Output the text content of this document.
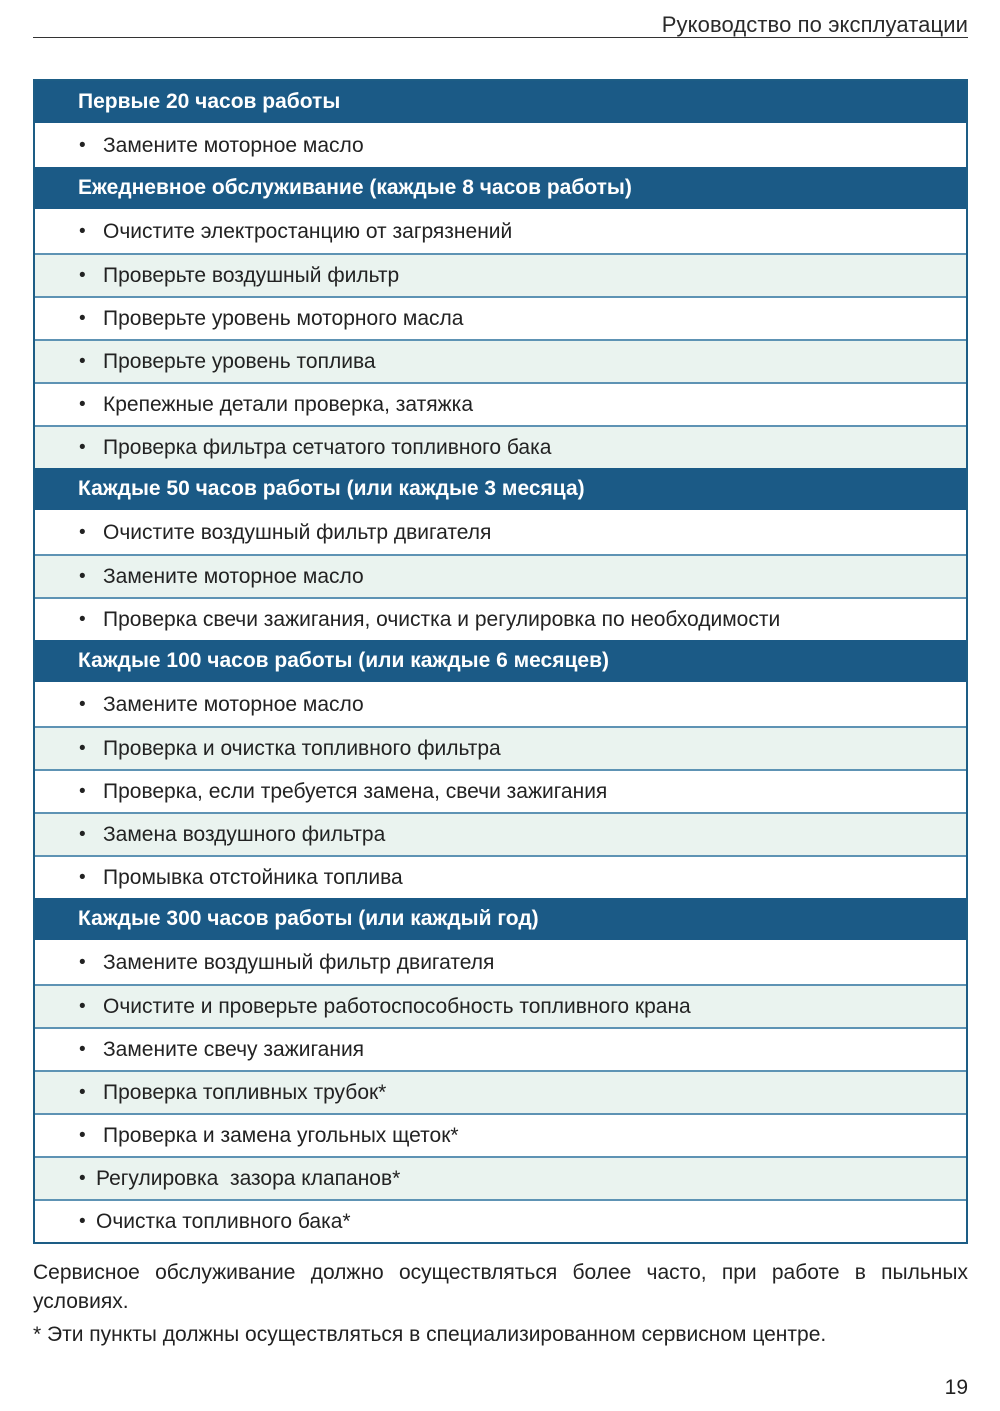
Руководство по эксплуатации
Первые 20 часов работы
• Замените моторное масло
Ежедневное обслуживание (каждые 8 часов работы)
• Очистите электростанцию от загрязнений
• Проверьте воздушный фильтр
• Проверьте уровень моторного масла
• Проверьте уровень топлива
• Крепежные детали проверка, затяжка
• Проверка фильтра сетчатого топливного бака
Каждые 50 часов работы (или каждые 3 месяца)
• Очистите воздушный фильтр двигателя
• Замените моторное масло
• Проверка свечи зажигания, очистка и регулировка по необходимости
Каждые 100 часов работы (или каждые 6 месяцев)
• Замените моторное масло
• Проверка и очистка топливного фильтра
• Проверка, если требуется замена, свечи зажигания
• Замена воздушного фильтра
• Промывка отстойника топлива
Каждые 300 часов работы (или каждый год)
• Замените воздушный фильтр двигателя
• Очистите и проверьте работоспособность топливного крана
• Замените свечу зажигания
• Проверка топливных трубок*
• Проверка и замена угольных щеток*
• Регулировка  зазора клапанов*
• Очистка топливного бака*

Сервисное обслуживание должно осуществляться более часто, при работе в пыльных условиях.

* Эти пункты должны осуществляться в специализированном сервисном центре.

19
